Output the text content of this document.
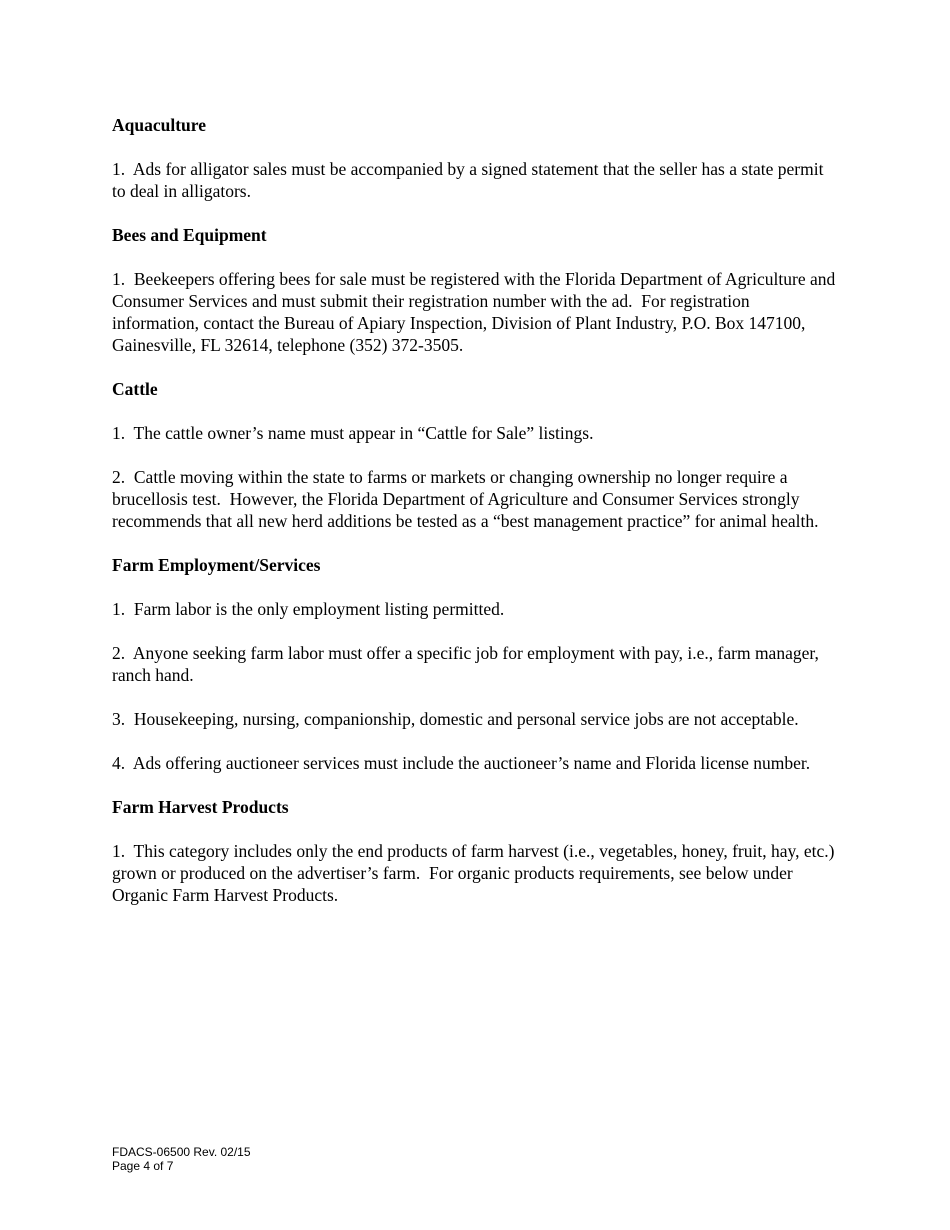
Aquaculture
1.  Ads for alligator sales must be accompanied by a signed statement that the seller has a state permit to deal in alligators.
Bees and Equipment
1.  Beekeepers offering bees for sale must be registered with the Florida Department of Agriculture and Consumer Services and must submit their registration number with the ad.  For registration information, contact the Bureau of Apiary Inspection, Division of Plant Industry, P.O. Box 147100, Gainesville, FL 32614, telephone (352) 372-3505.
Cattle
1.  The cattle owner’s name must appear in “Cattle for Sale” listings.
2.  Cattle moving within the state to farms or markets or changing ownership no longer require a brucellosis test.  However, the Florida Department of Agriculture and Consumer Services strongly recommends that all new herd additions be tested as a “best management practice” for animal health.
Farm Employment/Services
1.  Farm labor is the only employment listing permitted.
2.  Anyone seeking farm labor must offer a specific job for employment with pay, i.e., farm manager, ranch hand.
3.  Housekeeping, nursing, companionship, domestic and personal service jobs are not acceptable.
4.  Ads offering auctioneer services must include the auctioneer’s name and Florida license number.
Farm Harvest Products
1.  This category includes only the end products of farm harvest (i.e., vegetables, honey, fruit, hay, etc.) grown or produced on the advertiser’s farm.  For organic products requirements, see below under Organic Farm Harvest Products.
FDACS-06500 Rev. 02/15
Page 4 of 7
